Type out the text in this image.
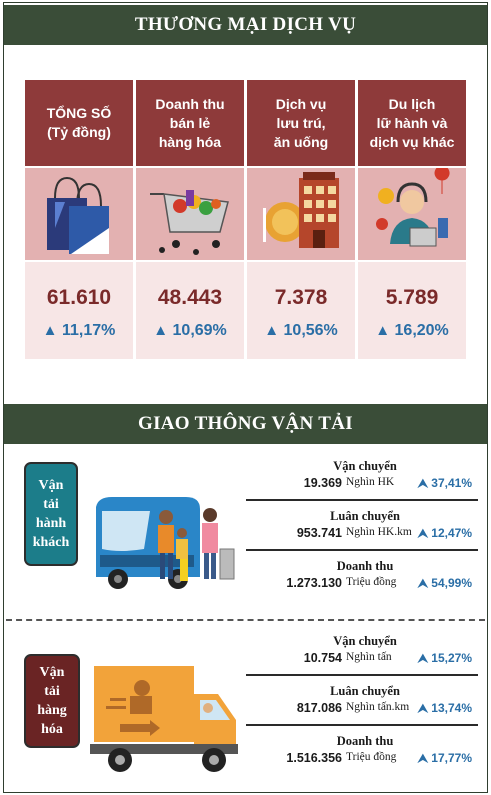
THƯƠNG MẠI DỊCH VỤ
TỔNG SỐ
(Tỷ đồng)
61.610
▲ 11,17%
Doanh thu
bán lẻ
hàng hóa
48.443
▲ 10,69%
Dịch vụ
lưu trú,
ăn uống
7.378
▲ 10,56%
Du lịch
lữ hành và
dịch vụ khác
5.789
▲ 16,20%
GIAO THÔNG VẬN TẢI
Vận
tải
hành
khách
Vận chuyển
19.369 Nghìn HK ⮝ 37,41%
Luân chuyển
953.741 Nghìn HK.km ⮝ 12,47%
Doanh thu
1.273.130 Triệu đồng ⮝ 54,99%
Vận
tải
hàng
hóa
Vận chuyển
10.754 Nghìn tấn ⮝ 15,27%
Luân chuyển
817.086 Nghìn tấn.km ⮝ 13,74%
Doanh thu
1.516.356 Triệu đồng ⮝ 17,77%
